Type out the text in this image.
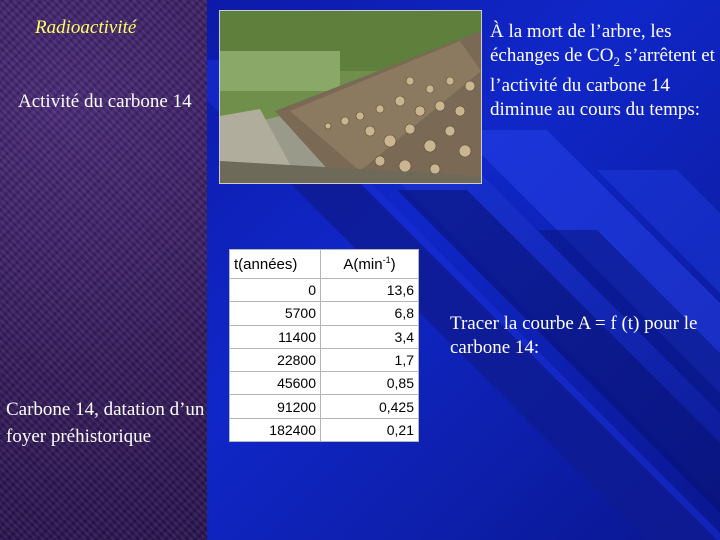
Radioactivité
Activité du carbone 14
Carbone 14, datation d’un foyer préhistorique
À la mort de l’arbre, les échanges de $CO_2$ s’arrêtent et l’activité du carbone 14 diminue au cours du temps:
Tracer la courbe A = f (t) pour le carbone 14:
t(années)	$A(\min^{-1})$
0	13,6
5700	6,8
11400	3,4
22800	1,7
45600	0,85
91200	0,425
182400	0,21
